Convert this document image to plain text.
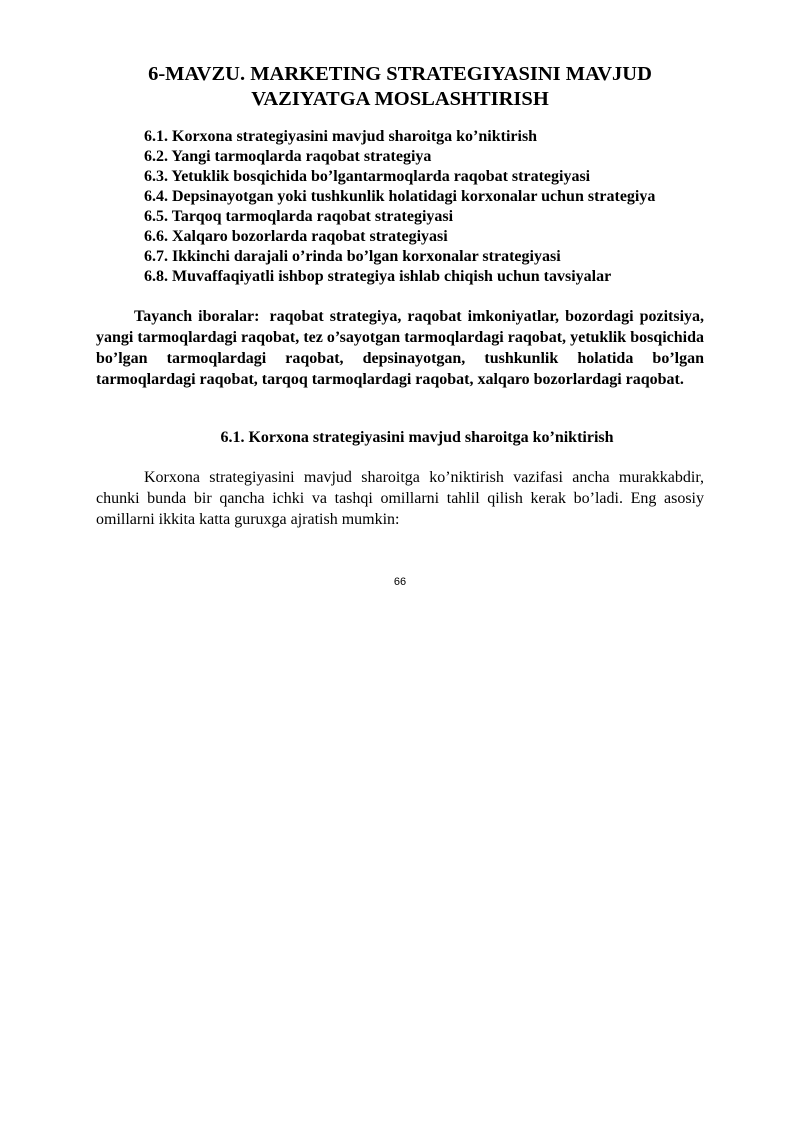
6-MAVZU. MARKETING STRATEGIYASINI MAVJUD
VAZIYATGA MOSLASHTIRISH
6.1. Korxona strategiyasini mavjud sharoitga ko’niktirish
6.2. Yangi tarmoqlarda raqobat strategiya
6.3. Yetuklik bosqichida bo’lgantarmoqlarda raqobat strategiyasi
6.4. Depsinayotgan yoki tushkunlik holatidagi korxonalar uchun strategiya
6.5. Tarqoq tarmoqlarda raqobat strategiyasi
6.6. Xalqaro bozorlarda raqobat strategiyasi
6.7. Ikkinchi darajali o’rinda bo’lgan korxonalar strategiyasi
6.8. Muvaffaqiyatli ishbop strategiya ishlab chiqish uchun tavsiyalar

Tayanch iboralar: raqobat strategiya, raqobat imkoniyatlar, bozordagi pozitsiya, yangi tarmoqlardagi raqobat, tez o’sayotgan tarmoqlardagi raqobat, yetuklik bosqichida bo’lgan tarmoqlardagi raqobat, depsinayotgan, tushkunlik holatida bo’lgan tarmoqlardagi raqobat, tarqoq tarmoqlardagi raqobat, xalqaro bozorlardagi raqobat.

6.1. Korxona strategiyasini mavjud sharoitga ko’niktirish

Korxona strategiyasini mavjud sharoitga ko’niktirish vazifasi ancha murakkabdir, chunki bunda bir qancha ichki va tashqi omillarni tahlil qilish kerak bo’ladi. Eng asosiy omillarni ikkita katta guruxga ajratish mumkin:

66
